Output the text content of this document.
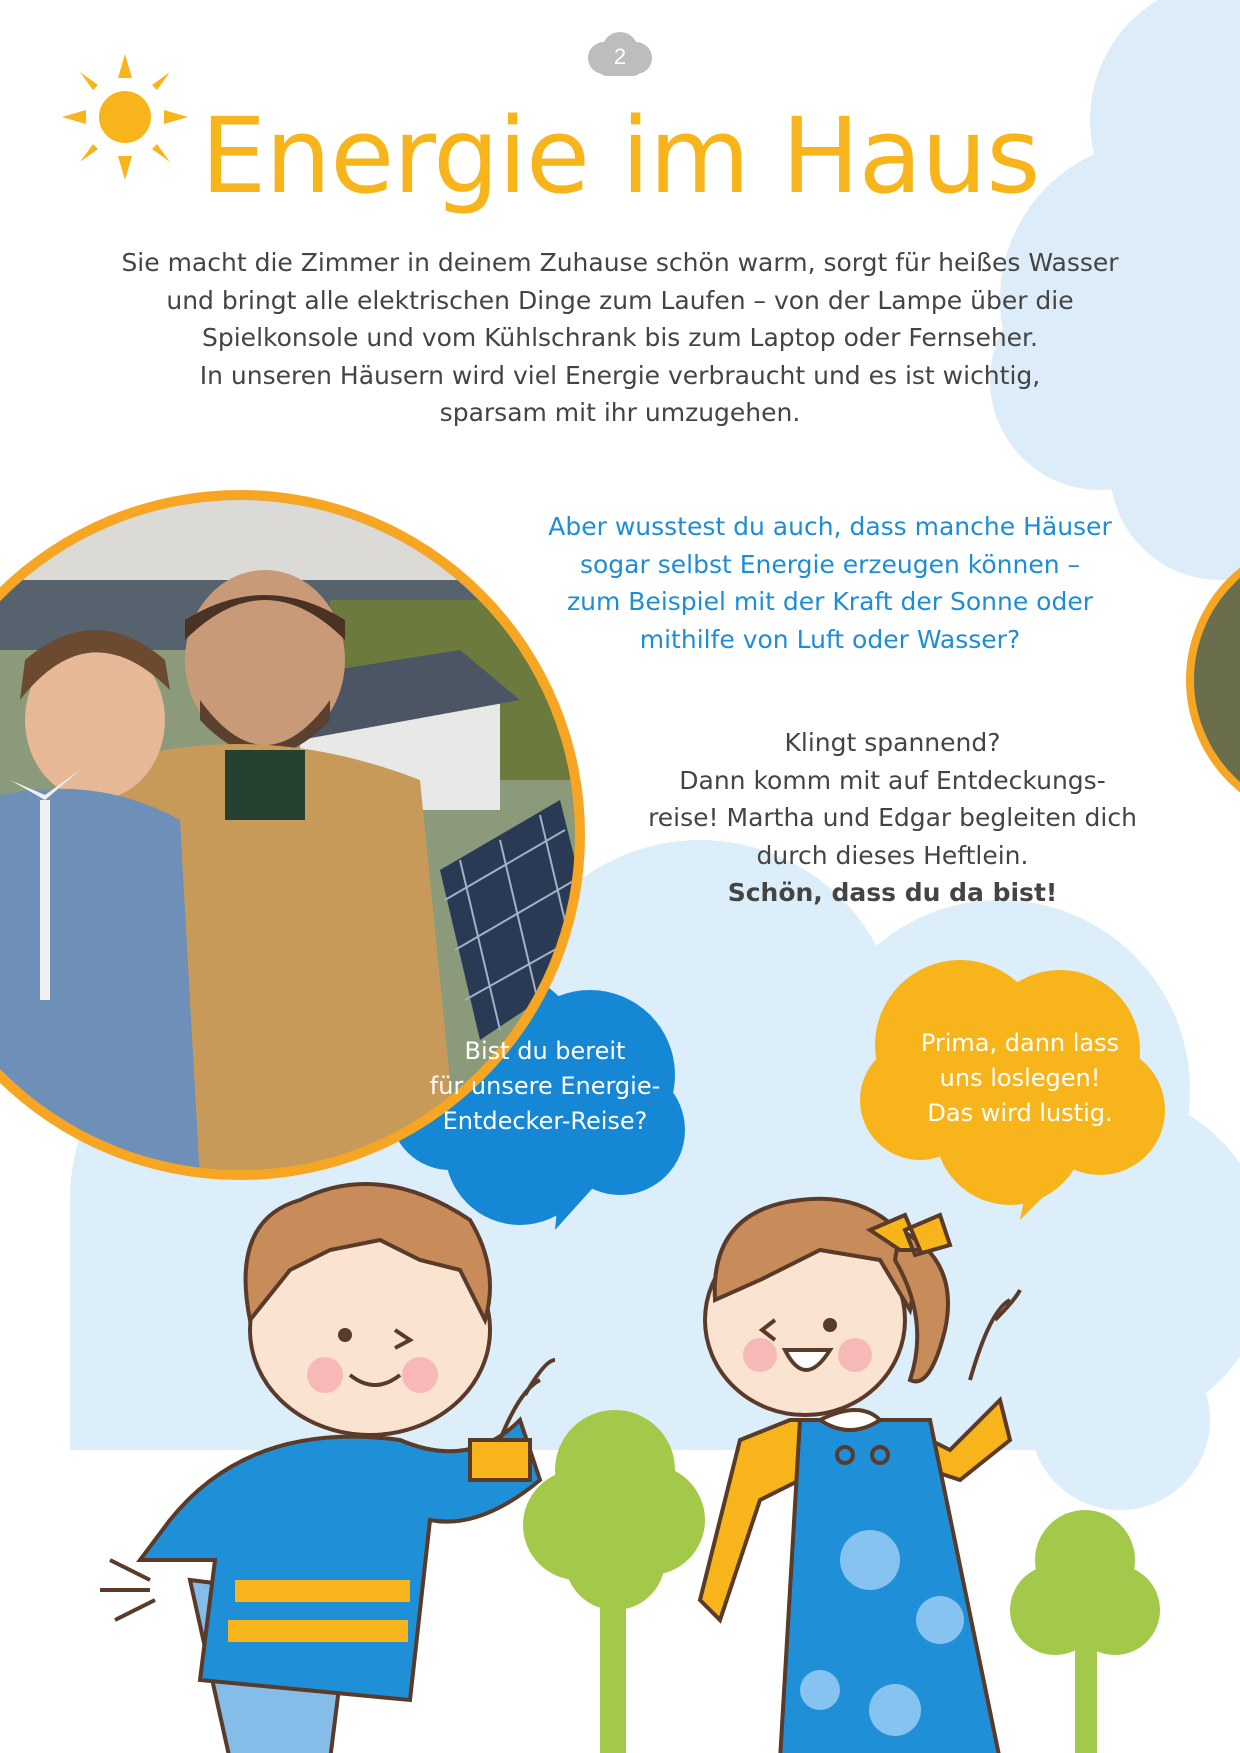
2
Energie im Haus
Sie macht die Zimmer in deinem Zuhause schön warm, sorgt für heißes Wasser
und bringt alle elektrischen Dinge zum Laufen – von der Lampe über die
Spielkonsole und vom Kühlschrank bis zum Laptop oder Fernseher.
In unseren Häusern wird viel Energie verbraucht und es ist wichtig,
sparsam mit ihr umzugehen.
Aber wusstest du auch, dass manche Häuser
sogar selbst Energie erzeugen können –
zum Beispiel mit der Kraft der Sonne oder
mithilfe von Luft oder Wasser?
Klingt spannend?
Dann komm mit auf Entdeckungs-
reise! Martha und Edgar begleiten dich
durch dieses Heftlein.
Schön, dass du da bist!
Bist du bereit
für unsere Energie-
Entdecker-Reise?
Prima, dann lass
uns loslegen!
Das wird lustig.
